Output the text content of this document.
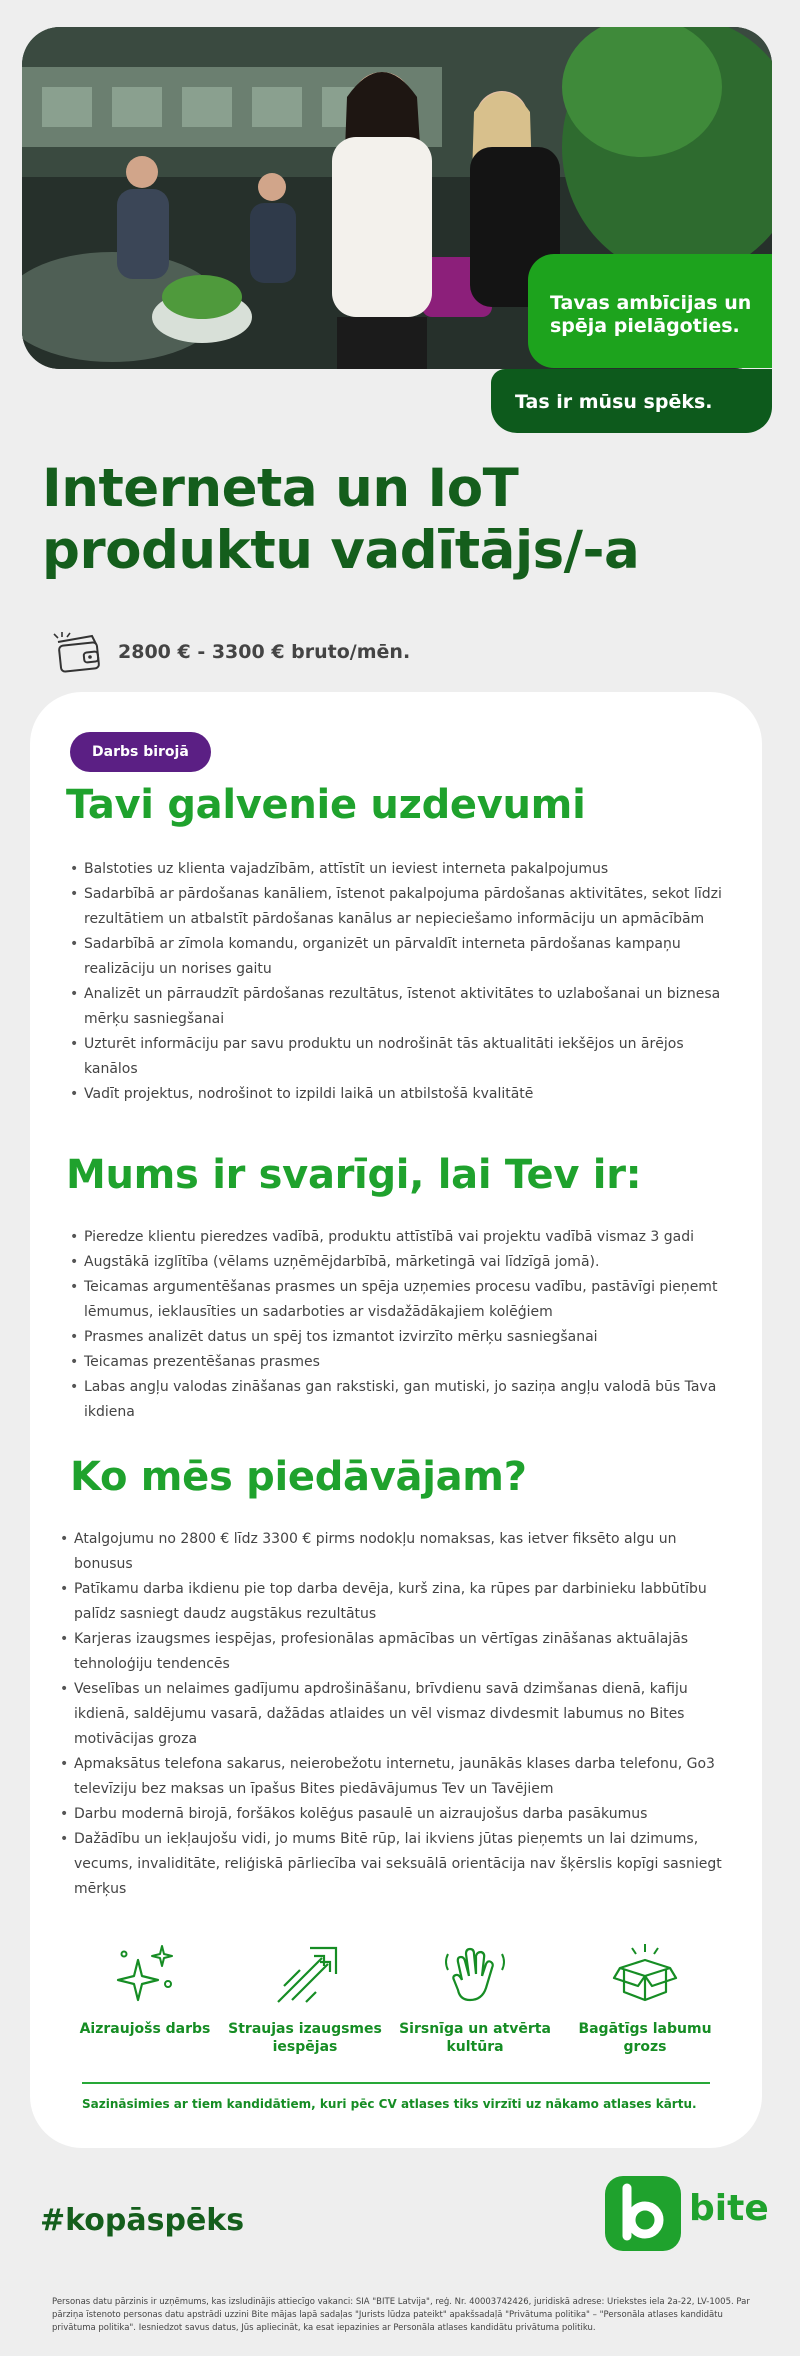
Tavas ambīcijas un spēja pielāgoties.
Tas ir mūsu spēks.
Interneta un IoT produktu vadītājs/-a
2800 € - 3300 € bruto/mēn.
Darbs birojā
Tavi galvenie uzdevumi
• Balstoties uz klienta vajadzībām, attīstīt un ieviest interneta pakalpojumus
• Sadarbībā ar pārdošanas kanāliem, īstenot pakalpojuma pārdošanas aktivitātes, sekot līdzi rezultātiem un atbalstīt pārdošanas kanālus ar nepieciešamo informāciju un apmācībām
• Sadarbībā ar zīmola komandu, organizēt un pārvaldīt interneta pārdošanas kampaņu realizāciju un norises gaitu
• Analizēt un pārraudzīt pārdošanas rezultātus, īstenot aktivitātes to uzlabošanai un biznesa mērķu sasniegšanai
• Uzturēt informāciju par savu produktu un nodrošināt tās aktualitāti iekšējos un ārējos kanālos
• Vadīt projektus, nodrošinot to izpildi laikā un atbilstošā kvalitātē
Mums ir svarīgi, lai Tev ir:
• Pieredze klientu pieredzes vadībā, produktu attīstībā vai projektu vadībā vismaz 3 gadi
• Augstākā izglītība (vēlams uzņēmējdarbībā, mārketingā vai līdzīgā jomā).
• Teicamas argumentēšanas prasmes un spēja uzņemies procesu vadību, pastāvīgi pieņemt lēmumus, ieklausīties un sadarboties ar visdažādākajiem kolēģiem
• Prasmes analizēt datus un spēj tos izmantot izvirzīto mērķu sasniegšanai
• Teicamas prezentēšanas prasmes
• Labas angļu valodas zināšanas gan rakstiski, gan mutiski, jo saziņa angļu valodā būs Tava ikdiena
Ko mēs piedāvājam?
• Atalgojumu no 2800 € līdz 3300 € pirms nodokļu nomaksas, kas ietver fiksēto algu un bonusus
• Patīkamu darba ikdienu pie top darba devēja, kurš zina, ka rūpes par darbinieku labbūtību palīdz sasniegt daudz augstākus rezultātus
• Karjeras izaugsmes iespējas, profesionālas apmācības un vērtīgas zināšanas aktuālajās tehnoloģiju tendencēs
• Veselības un nelaimes gadījumu apdrošināšanu, brīvdienu savā dzimšanas dienā, kafiju ikdienā, saldējumu vasarā, dažādas atlaides un vēl vismaz divdesmit labumus no Bites motivācijas groza
• Apmaksātus telefona sakarus, neierobežotu internetu, jaunākās klases darba telefonu, Go3 televīziju bez maksas un īpašus Bites piedāvājumus Tev un Tavējiem
• Darbu modernā birojā, foršākos kolēģus pasaulē un aizraujošus darba pasākumus
• Dažādību un iekļaujošu vidi, jo mums Bitē rūp, lai ikviens jūtas pieņemts un lai dzimums, vecums, invaliditāte, reliģiskā pārliecība vai seksuālā orientācija nav šķērslis kopīgi sasniegt mērķus
Aizraujošs darbs	Straujas izaugsmes iespējas
Sirsnīga un atvērta kultūra
Bagātīgs labumu grozs
Sazināsimies ar tiem kandidātiem, kuri pēc CV atlases tiks virzīti uz nākamo atlases kārtu.
#kopāspēks	bite

Personas datu pārzinis ir uzņēmums, kas izsludinājis attiecīgo vakanci: SIA "BITE Latvija", reģ. Nr. 40003742426, juridiskā adrese: Uriekstes iela 2a-22, LV-1005. Par pārziņa īstenoto personas datu apstrādi uzzini Bite mājas lapā sadaļas "Jurists lūdza pateikt" apakšsadaļā "Privātuma politika" – "Personāla atlases kandidātu privātuma politika". Iesniedzot savus datus, Jūs apliecināt, ka esat iepazinies ar Personāla atlases kandidātu privātuma politiku.
